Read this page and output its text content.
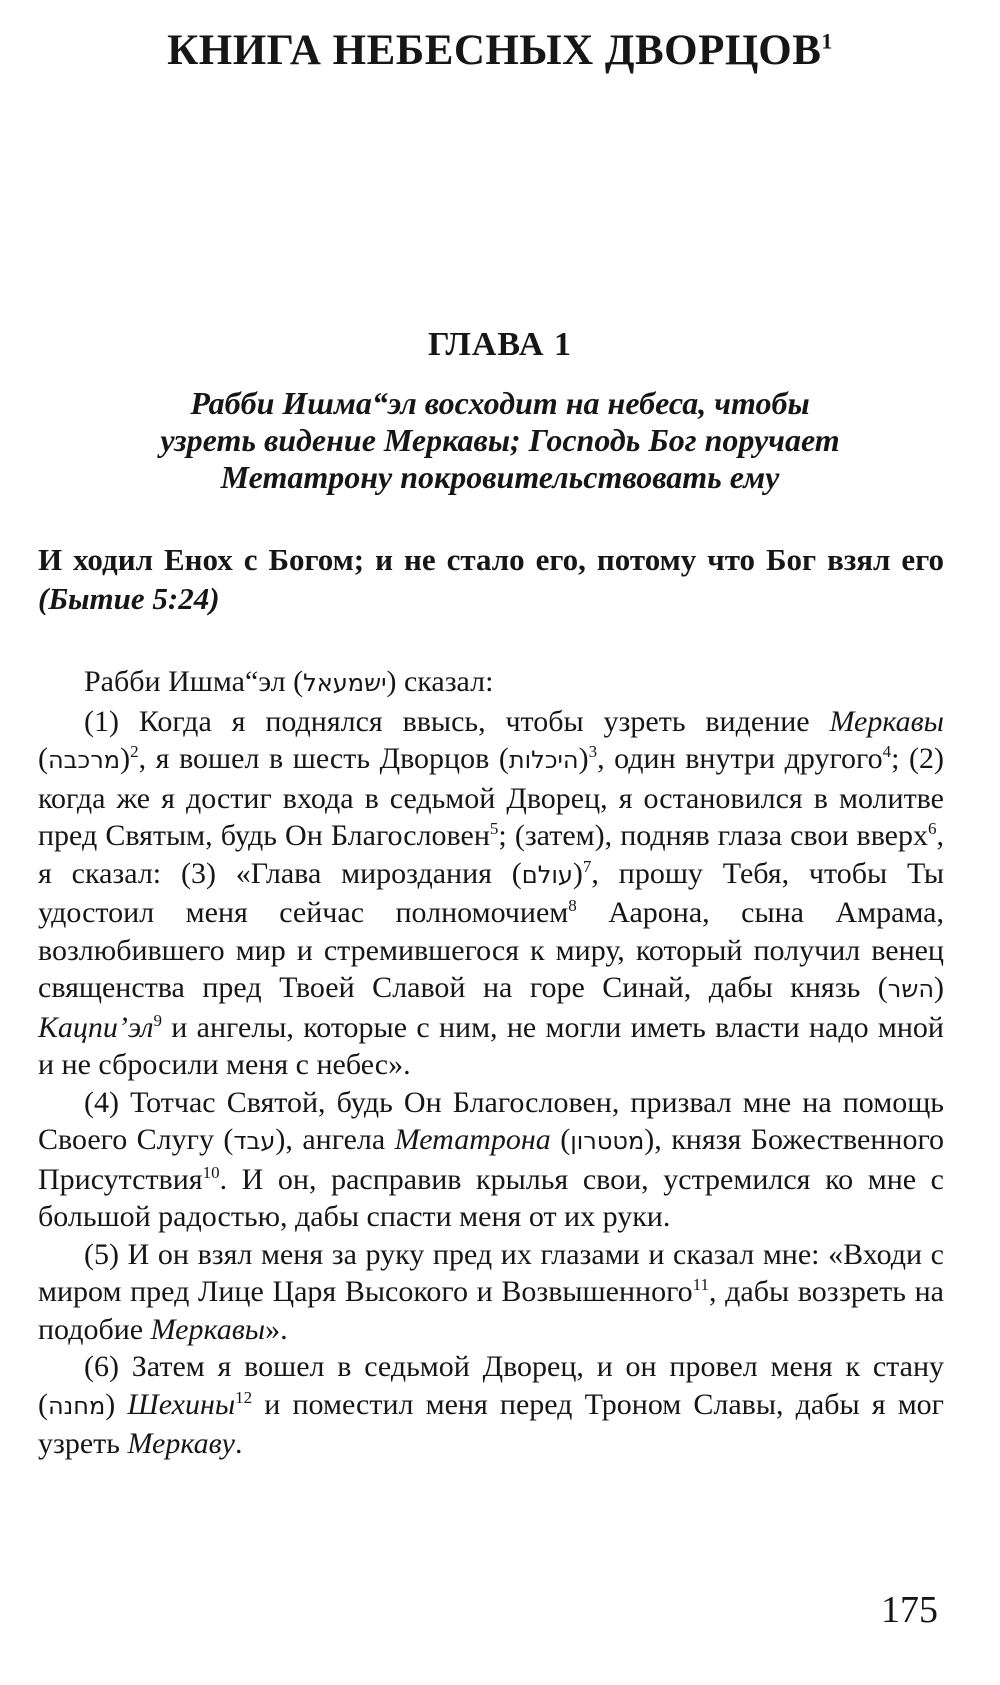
КНИГА НЕБЕСНЫХ ДВОРЦОВ$^1$
ГЛАВА 1
Рабби Ишма“эл восходит на небеса, чтобы
узреть видение Меркавы; Господь Бог поручает
Метатрону покровительствовать ему
И ходил Енох с Богом; и не стало его, потому что Бог взял его (Бытие 5:24)

Рабби Ишма“эл (ישמעאל) сказал:

(1) Когда я поднялся ввысь, чтобы узреть видение Меркавы (מרכבה)$^2$, я вошел в шесть Дворцов (היכלות)$^3$, один внутри другого$^4$; (2) когда же я достиг входа в седьмой Дворец, я остановился в молитве пред Святым, будь Он Благословен$^5$; (затем), подняв глаза свои вверх$^6$, я сказал: (3) «Глава мироздания (עולם)$^7$, прошу Тебя, чтобы Ты удостоил меня сейчас полномочием$^8$ Аарона, сына Амрама, возлюбившего мир и стремившегося к миру, который получил венец священства пред Твоей Славой на горе Синай, дабы князь (השר) $Кацпи’эл^9$ и ангелы, которые с ним, не могли иметь власти надо мной и не сбросили меня с небес».

(4) Тотчас Святой, будь Он Благословен, призвал мне на помощь Своего Слугу (עבד), ангела Метатрона (מטטרון), князя Божественного Присутствия$^{10}$. И он, расправив крылья свои, устремился ко мне с большой радостью, дабы спасти меня от их руки.

(5) И он взял меня за руку пред их глазами и сказал мне: «Входи с миром пред Лице Царя Высокого и Возвышенного$^{11}$, дабы воззреть на подобие Меркавы».

(6) Затем я вошел в седьмой Дворец, и он провел меня к стану (מחנה) Шехины$^{12}$ и поместил меня перед Троном Славы, дабы я мог узреть Меркаву.

175
